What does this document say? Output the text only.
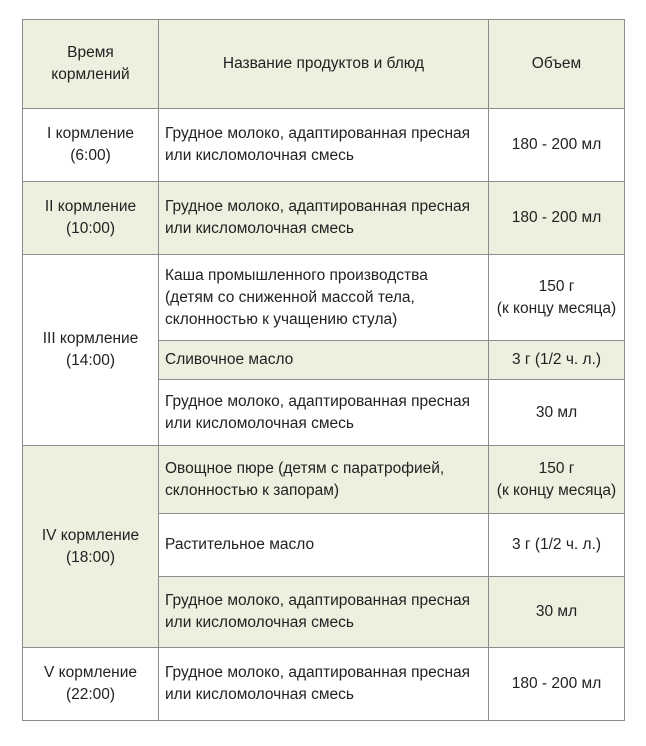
Время
кормлений	Название продуктов и блюд	Объем

I кормление
(6:00)	Грудное молоко, адаптированная пресная
или кисломолочная смесь	180 - 200 мл

II кормление
(10:00)	Грудное молоко, адаптированная пресная
или кисломолочная смесь	180 - 200 мл

III кормление
(14:00)	Каша промышленного производства
(детям со сниженной массой тела,
склонностью к учащению стула)	150 г
(к концу месяца)

	Сливочное масло	3 г (1/2 ч. л.)

	Грудное молоко, адаптированная пресная
или кисломолочная смесь	30 мл

IV кормление
(18:00)	Овощное пюре (детям с паратрофией,
склонностью к запорам)	150 г
(к концу месяца)

	Растительное масло	3 г (1/2 ч. л.)

	Грудное молоко, адаптированная пресная
или кисломолочная смесь	30 мл

V кормление
(22:00)	Грудное молоко, адаптированная пресная
или кисломолочная смесь	180 - 200 мл
